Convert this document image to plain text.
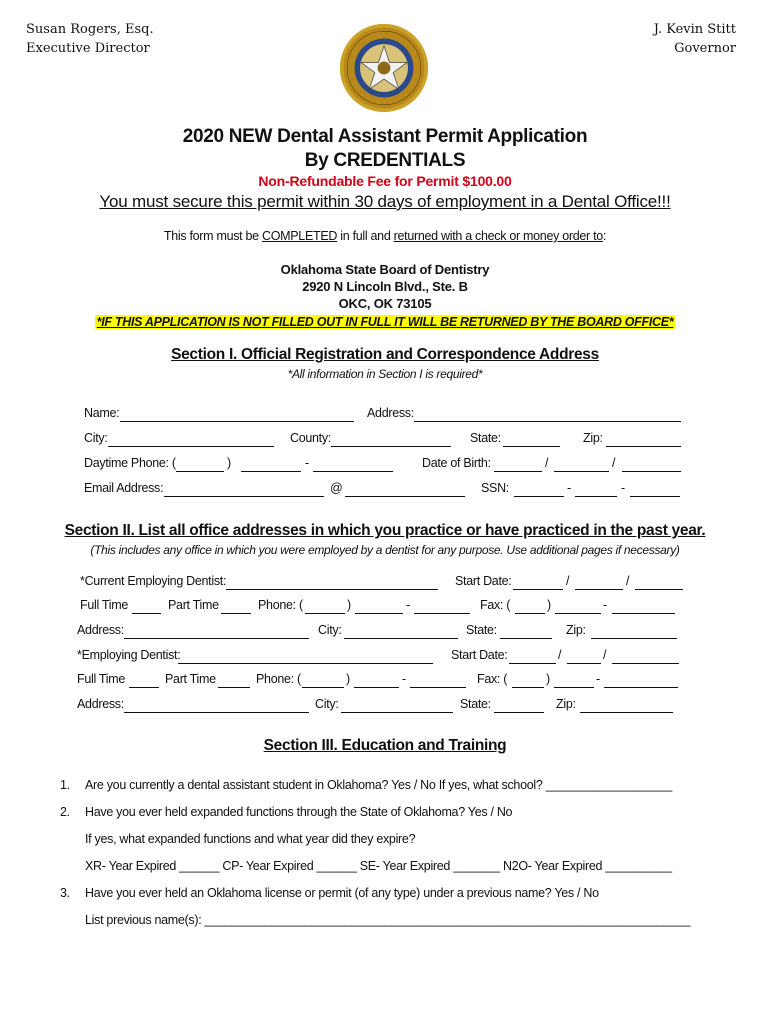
Susan Rogers, Esq.
Executive Director
J. Kevin Stitt
Governor
2020 NEW Dental Assistant Permit Application
By CREDENTIALS
Non-Refundable Fee for Permit $100.00
You must secure this permit within 30 days of employment in a Dental Office!!!
This form must be COMPLETED in full and returned with a check or money order to:
Oklahoma State Board of Dentistry
2920 N Lincoln Blvd., Ste. B
OKC, OK 73105
*IF THIS APPLICATION IS NOT FILLED OUT IN FULL IT WILL BE RETURNED BY THE BOARD OFFICE*
Section I. Official Registration and Correspondence Address
*All information in Section I is required*
Name:	Address:
City:	County:	State:	Zip:
Daytime Phone: (	)	-	Date of Birth:	/	/
Email Address:	@	SSN:	-	-
Section II. List all office addresses in which you practice or have practiced in the past year.
(This includes any office in which you were employed by a dentist for any purpose. Use additional pages if necessary)
*Current Employing Dentist:	Start Date:	/	/
Full Time	Part Time	Phone: (	)	-	Fax: (	)	-
Address:	City:	State:	Zip:
*Employing Dentist:	Start Date:	/	/
Full Time	Part Time	Phone: (	)	-	Fax: (	)	-
Address:	City:	State:	Zip:
Section III. Education and Training
1. Are you currently a dental assistant student in Oklahoma? Yes / No If yes, what school? ___________________
2. Have you ever held expanded functions through the State of Oklahoma? Yes / No
If yes, what expanded functions and what year did they expire?
XR- Year Expired ______ CP- Year Expired ______ SE- Year Expired _______ N2O- Year Expired __________
3. Have you ever held an Oklahoma license or permit (of any type) under a previous name? Yes / No
List previous name(s): _________________________________________________________________________
